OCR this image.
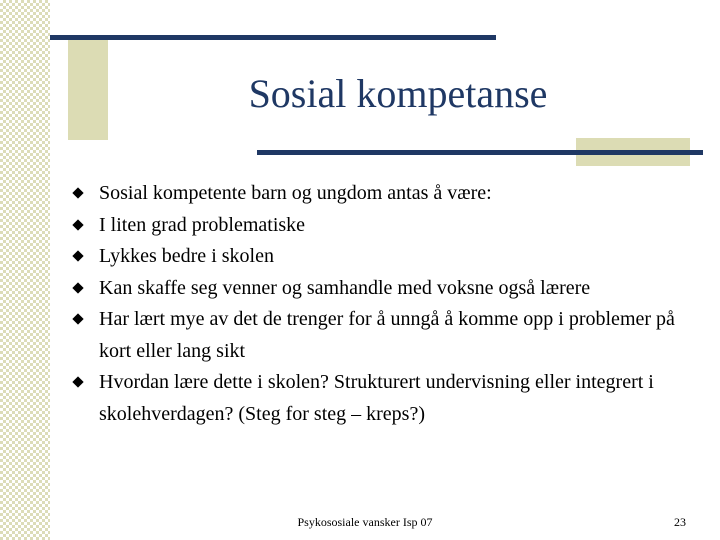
Sosial kompetanse
Sosial kompetente barn og ungdom antas å være:
I liten grad problematiske
Lykkes bedre i skolen
Kan skaffe seg venner og samhandle med voksne også lærere
Har lært mye av det de trenger for å unngå å komme opp i problemer på kort eller lang sikt
Hvordan lære dette i skolen? Strukturert undervisning eller integrert i skolehverdagen? (Steg for steg – kreps?)
Psykososiale vansker Isp 07	23
